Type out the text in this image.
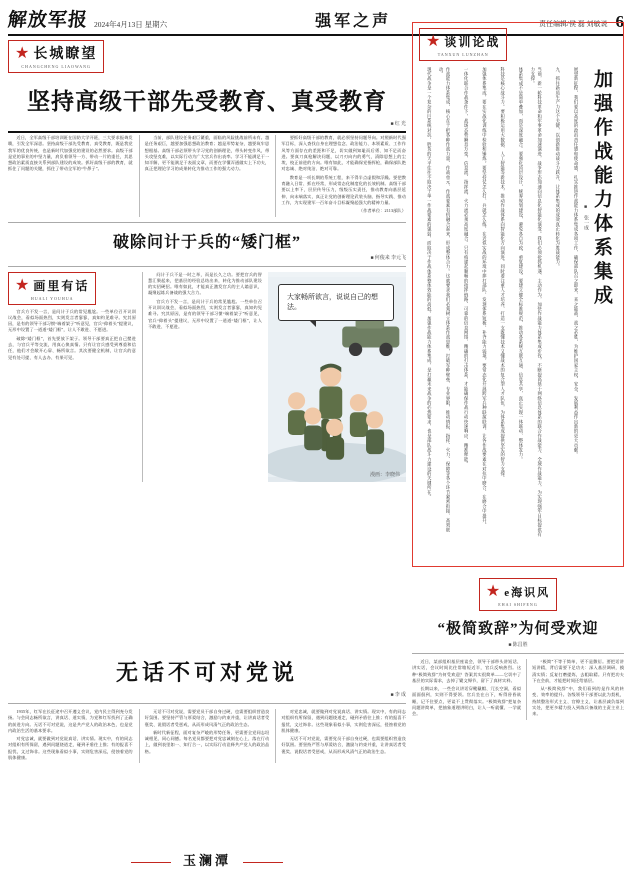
解放军报 2024年4月13日 星期六	强军之声	责任编辑/侯 磊 刘敏说 6
★ 长城瞭望
CHANGCHENG LIAOWANG
坚持高级干部先受教育、真受教育
■ 红 光

近日，全军高级干部培训班在国防大学开班，三大要求振聋发聩，引发全军深思。坚持高级干部先受教育、真受教育，既是我党我军的优良传统，也是新时代加强党的建设的必然要求。高级干部是党的事业的中坚力量，肩负着领导一方、带动一片的重任，其思想政治素质直接关系到部队建设的成效。抓好高级干部的教育，就抓住了问题的关键，抓住了带动全军的“牛鼻子”。

当前，部队建设任务艰巨繁重，面临的风险挑战前所未有。越是任务艰巨，越要加强思想政治教育；越是形势复杂，越要筑牢思想根基。高级干部必须带头学习党的创新理论，带头转变作风，带头攻坚克难，以实际行动为广大官兵作出表率。学习不能满足于一知半解，更不能满足于表面文章，而要在学懂弄通做实上下功夫，真正把理论学习的成果转化为推动工作的强大动力。

要抓好高级干部的教育，就必须坚持问题导向。对照新时代强军目标，深入查找自身在理想信念、政治能力、本领素质、工作作风等方面存在的差距和不足，切实做到知耻而后勇、知不足而奋进。要真刀真枪解决问题，以刀刃向内的勇气，清除思想上的尘埃，校正前进的方向。唯有如此，才能确保党指挥枪，确保部队绝对忠诚、绝对纯洁、绝对可靠。

教育是一项长期的系统工程，来不得半点虚假和浮躁。要把教育融入日常、抓在经常，形成常态化制度化的长效机制。高级干部要以上率下，层层传导压力，级级压实责任，推动教育向基层延伸、向末端落实，真正让党的创新理论武装头脑、指导实践、推动工作，为实现建军一百年奋斗目标凝聚起强大的精神力量。

（作者单位：2113部队）

破除问计于兵的“矮门框”
■ 何俊来 李元飞
★ 画里有话
HUALI YOUHUA

官兵方不发一言，是问计于兵的常见尴尬。一些单位召开议训议战会，看似场面热烈，实则发言者寥寥，真知灼见难寻。究其原因，是有的领导干部习惯“端着架子”听意见，官兵“仰着头”提建议，无形中设置了一道道“矮门框”，让人不敢进、不愿进。

破除“矮门框”，首先要放下架子。领导干部要真正把自己摆进去，与官兵平等交流，用真心换真情。只有让官兵感受到尊重和信任，他们才会敞开心扉、畅所欲言。其次要健全机制，让官兵的意见有处可提、有人去办、有果可见。

问计于兵不是一时之举，而是长久之功。要把官兵的智慧汇聚起来，把基层的经验总结出来，转化为推动部队建设的实招硬招。唯有如此，才能真正激发官兵的主人翁意识，凝聚起练兵备战的强大合力。

官兵方不发一言，是问计于兵的常见尴尬。一些单位召开议训议战会，看似场面热烈，实则发言者寥寥，真知灼见难寻。究其原因，是有的领导干部习惯“端着架子”听意见，官兵“仰着头”提建议，无形中设置了一道道“矮门框”，让人不敢进、不愿进。

大家畅所欲言，说说自己的想法。
漫画：李晓伟
★ 谈训论战
TANXUN LUNZHAN
加强作战能力体系集成
■ 张一成
现代战争是一个复杂的巨系统对抗，胜负的天平往往不取决于单一作战要素的强弱，而取决于作战体系整体效能的高低。加强作战能力体系集成，是打赢未来战争的必然要求，也是部队战斗力建设的关键所在。	作战能力体系集成，核心在于把各种作战力量、作战单元、作战要素有机融合起来，形成整体合力。这就要求我们必须树立体系作战思维，打破军种壁垒、专业界限，推动情报、指挥、火力、保障等各个环节紧密衔接、高效联动。	一体化联合作战条件下，战场态势瞬息万变，信息流、指挥流、火力流必须高度融合。只有构建起顺畅的指挥链路、可靠的信息网络、精确的打击体系，才能确保作战行动快速响应、精准释能。	加强体系集成，要在实战化训练中检验和锤炼。要坚持仗怎么打、兵就怎么练，在近似实战的环境中摔打部队，发现体系短板，补齐能力弱项。要常态化开展跨军兵种联演联训，让各作战要素在对抗中磨合、在磨合中提升。	科技是核心战斗力。要积极运用大数据、人工智能等新技术，推动作战体系向智能化方向演进。同时要注重人才培养，打造一支既懂技术又懂战术的复合型人才队伍，为体系集成提供坚实的智力支撑。	体系集成不是简单叠加，而是深度融合。要强化顶层设计，统筹规划建设，避免各自为政、重复建设。要建立健全标准规范，推动各系统互联互通、信息共享，真正实现一体联动、整体发力。	当前，新一轮科技革命和军事革命加速演进，战争形态加速向信息化智能化演变。我们必须抢抓机遇、主动作为，加快作战能力体系集成步伐，不断提高基于网络信息体系的联合作战能力、全域作战能力，为实现强军目标提供有力支撑。	九、抓住新质生产力这个关键，以创新推动战斗力跃升，让体系集成的成效真正转化为胜战能力。	展望新征程，我们要以高度的政治责任感和使命感，扎实推进作战能力体系集成各项工作，确保部队召之即来、来之能战、战之必胜，为维护国家主权、安全、发展利益作出新的更大贡献。
★ e海识风
EHAI SHIFENG
“极简致辞”为何受欢迎
■ 陈昌胜

近日，某部组织基层座谈会，领导干部带头讲短话、讲实话，会议时间比往常缩短近半，官兵反响热烈。这种“极简致辞”为何受欢迎？答案其实很简单——它切中了基层的实际需求，去掉了繁文缛节，留下了真材实料。

长期以来，一些会议讲话穿靴戴帽、冗长空洞，看似面面俱到，实则不得要领。官兵坐在台下，听得昏昏欲睡，记不住要点，更谈不上贯彻落实。“极简致辞”把复杂问题讲简单，把抽象道理讲明白，让人一听就懂、一学就会。

“极简”不等于简单，更不是敷衍。要把话讲短讲精，背后需要下足功夫：深入基层调研，摸清实情；反复打磨提炼，去粗取精。只有把功夫下在会前，才能把时间还给基层。

从“极简致辞”中，我们看到的是作风的转变、效率的提升。各级领导干部要以此为契机，持续整治形式主义、官僚主义，让基层减负落到实处，把更多精力投入到练兵备战的主责主业上来。

无话不可对党说
■ 李 成

1935年，红军在长征途中召开遵义会议，党内民主得到充分发扬。与会同志畅所欲言，讲真话、道实情，为党和红军找到了正确的前进方向。无话不可对党说，这是共产党人的政治本色，也是党内政治生活的基本要求。

对党忠诚，就要做到对党说真话、讲实情。现实中，有的同志对组织有所保留，遇到问题绕道走，碰到矛盾往上推；有的报喜不报忧，文过饰非。这些现象看似小事，实则危害深远，侵蚀着党的肌体健康。

无话不可对党说，需要党员干部自身过硬，也需要组织营造良好氛围。要坚持严管与厚爱结合，激励与约束并重，让讲真话者受褒奖、说假话者受惩戒，从而形成风清气正的政治生态。

新时代新征程，面对复杂严峻的形势任务，更需要全党同志坦诚相见、同心同德。每名党员都要把对党忠诚刻在心上、落在行动上，做到表里如一、知行合一，以实际行动诠释共产党人的政治品格。

对党忠诚，就要做到对党说真话、讲实情。现实中，有的同志对组织有所保留，遇到问题绕道走，碰到矛盾往上推；有的报喜不报忧，文过饰非。这些现象看似小事，实则危害深远，侵蚀着党的肌体健康。

无话不可对党说，需要党员干部自身过硬，也需要组织营造良好氛围。要坚持严管与厚爱结合，激励与约束并重，让讲真话者受褒奖、说假话者受惩戒，从而形成风清气正的政治生态。

玉澜潭
